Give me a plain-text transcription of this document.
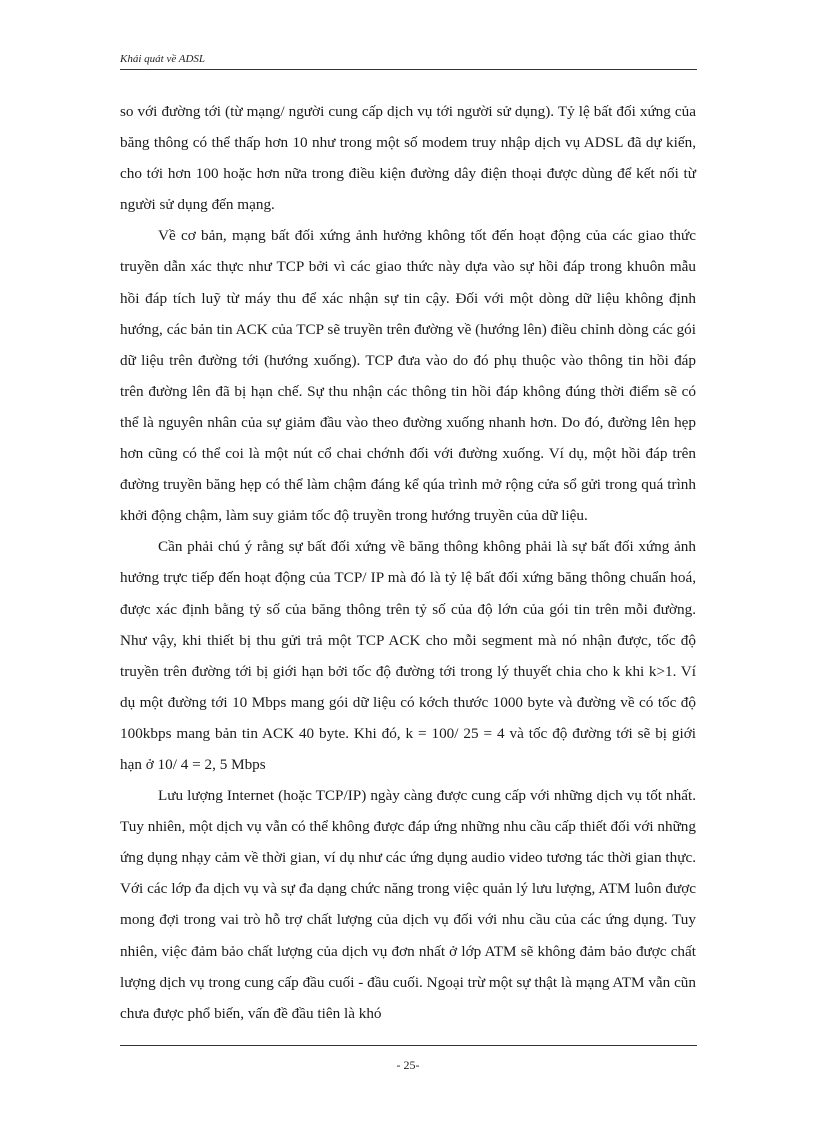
Khái quát về ADSL

so với đường tới (từ mạng/ người cung cấp dịch vụ tới người sử dụng). Tỷ lệ bất đối xứng của băng thông có thể thấp hơn 10 như trong một số modem truy nhập dịch vụ ADSL đã dự kiến, cho tới hơn 100 hoặc hơn nữa trong điều kiện đường dây điện thoại được dùng để kết nối từ người sử dụng đến mạng.

Về cơ bản, mạng bất đối xứng ảnh hưởng không tốt đến hoạt động của các giao thức truyền dẫn xác thực như TCP bởi vì các giao thức này dựa vào sự hồi đáp trong khuôn mẫu hồi đáp tích luỹ từ máy thu để xác nhận sự tin cậy. Đối với một dòng dữ liệu không định hướng, các bản tin ACK của TCP sẽ truyền trên đường về (hướng lên) điều chỉnh dòng các gói dữ liệu trên đường tới (hướng xuống). TCP đưa vào do đó phụ thuộc vào thông tin hồi đáp trên đường lên đã bị hạn chế. Sự thu nhận các thông tin hồi đáp không đúng thời điểm sẽ có thể là nguyên nhân của sự giảm đầu vào theo đường xuống nhanh hơn. Do đó, đường lên hẹp hơn cũng có thể coi là một nút cổ chai chớnh đối với đường xuống. Ví dụ, một hồi đáp trên đường truyền băng hẹp có thể làm chậm đáng kể qúa trình mở rộng cửa sổ gửi trong quá trình khởi động chậm, làm suy giảm tốc độ truyền trong hướng truyền của dữ liệu.

Cần phải chú ý rằng sự bất đối xứng về băng thông không phải là sự bất đối xứng ảnh hưởng trực tiếp đến hoạt động của TCP/ IP mà đó là tỷ lệ bất đối xứng băng thông chuẩn hoá, được xác định bằng tỷ số của băng thông trên tỷ số của độ lớn của gói tin trên mỗi đường. Như vậy, khi thiết bị thu gửi trả một TCP ACK cho mỗi segment mà nó nhận được, tốc độ truyền trên đường tới bị giới hạn bởi tốc độ đường tới trong lý thuyết chia cho k khi k>1. Ví dụ một đường tới 10 Mbps mang gói dữ liệu có kớch thước 1000 byte và đường về có tốc độ 100kbps mang bản tin ACK 40 byte. Khi đó, k = 100/ 25 = 4 và tốc độ đường tới sẽ bị giới hạn ở 10/ 4 = 2, 5 Mbps

Lưu lượng Internet (hoặc TCP/IP) ngày càng được cung cấp với những dịch vụ tốt nhất. Tuy nhiên, một dịch vụ vẫn có thể không được đáp ứng những nhu cầu cấp thiết đối với những ứng dụng nhạy cảm về thời gian, ví dụ như các ứng dụng audio video tương tác thời gian thực. Với các lớp đa dịch vụ và sự đa dạng chức năng trong việc quản lý lưu lượng, ATM luôn được mong đợi trong vai trò hỗ trợ chất lượng của dịch vụ đối với nhu cầu của các ứng dụng. Tuy nhiên, việc đảm bảo chất lượng của dịch vụ đơn nhất ở lớp ATM sẽ không đảm bảo được chất lượng dịch vụ trong cung cấp đầu cuối - đầu cuối. Ngoại trừ một sự thật là mạng ATM vẫn cũn chưa được phổ biến, vấn đề đầu tiên là khó

- 25-
